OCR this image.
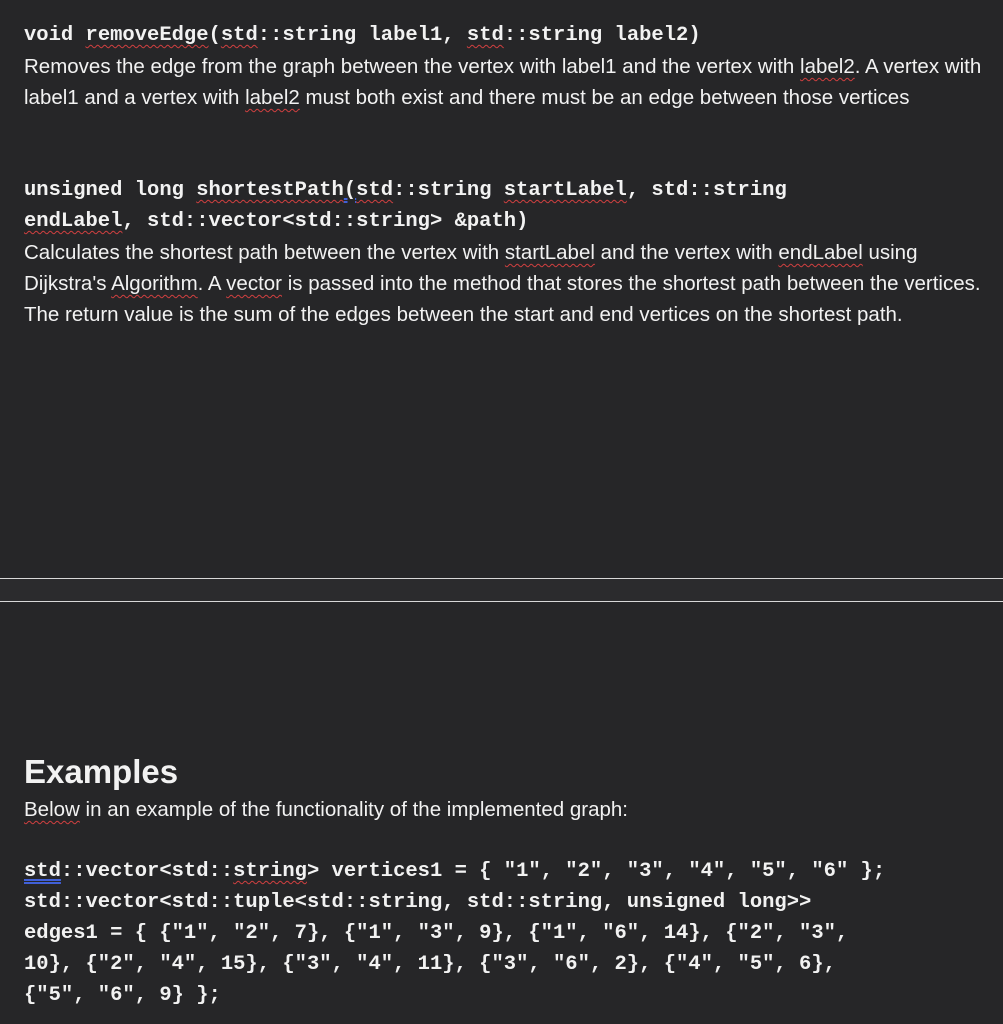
void removeEdge(std::string label1, std::string label2)

Removes the edge from the graph between the vertex with label1 and the vertex with label2. A vertex with label1 and a vertex with label2 must both exist and there must be an edge between those vertices

unsigned long shortestPath(std::string startLabel, std::string
endLabel, std::vector<std::string> &path)

Calculates the shortest path between the vertex with startLabel and the vertex with endLabel using Dijkstra's Algorithm. A vector is passed into the method that stores the shortest path between the vertices. The return value is the sum of the edges between the start and end vertices on the shortest path.

Examples

Below in an example of the functionality of the implemented graph:

std::vector<std::string> vertices1 = { "1", "2", "3", "4", "5", "6" };
std::vector<std::tuple<std::string, std::string, unsigned long>>
edges1 = { {"1", "2", 7}, {"1", "3", 9}, {"1", "6", 14}, {"2", "3",
10}, {"2", "4", 15}, {"3", "4", 11}, {"3", "6", 2}, {"4", "5", 6},
{"5", "6", 9} };
